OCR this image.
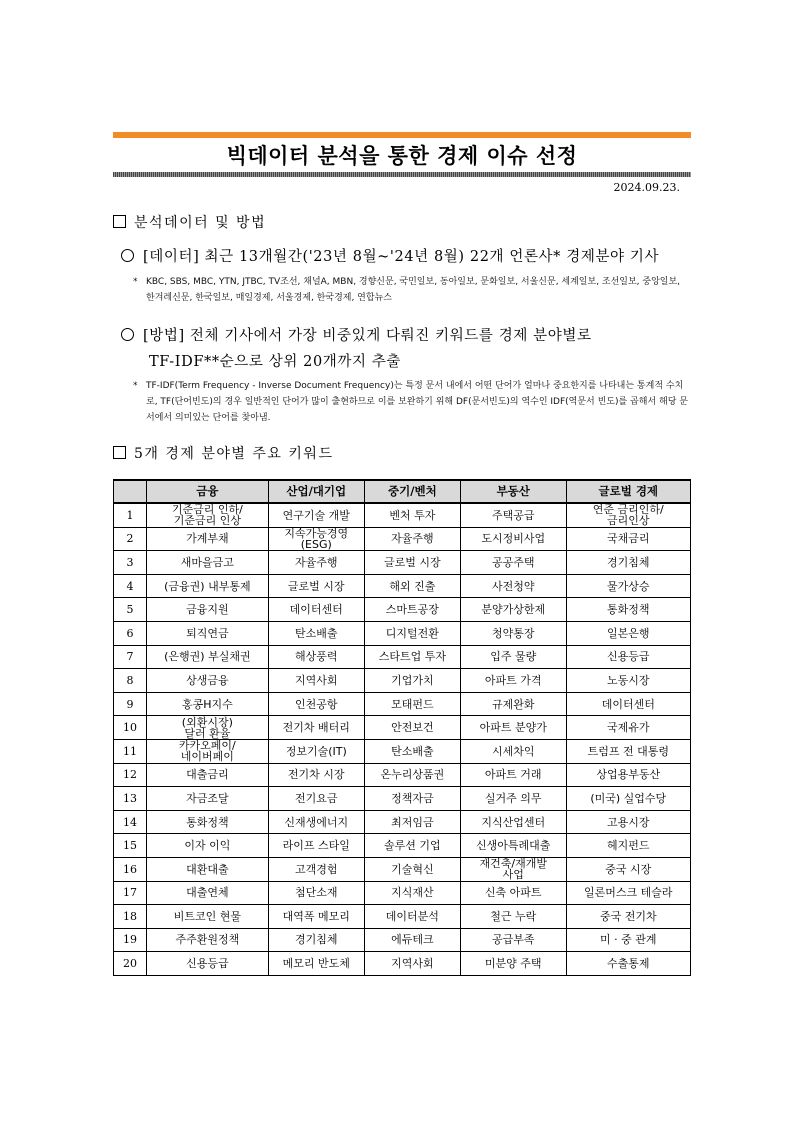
빅데이터 분석을 통한 경제 이슈 선정
2024.09.23.
분석데이터 및 방법
[데이터] 최근 13개월간('23년 8월~'24년 8월) 22개 언론사* 경제분야 기사
* KBC, SBS, MBC, YTN, JTBC, TV조선, 채널A, MBN, 경향신문, 국민일보, 동아일보, 문화일보, 서울신문, 세계일보, 조선일보, 중앙일보, 한겨레신문, 한국일보, 매일경제, 서울경제, 한국경제, 연합뉴스
[방법] 전체 기사에서 가장 비중있게 다뤄진 키워드를 경제 분야별로
TF-IDF**순으로 상위 20개까지 추출
* TF-IDF(Term Frequency - Inverse Document Frequency)는 특정 문서 내에서 어떤 단어가 얼마나 중요한지를 나타내는 통계적 수치로, TF(단어빈도)의 경우 일반적인 단어가 많이 출현하므로 이를 보완하기 위해 DF(문서빈도)의 역수인 IDF(역문서 빈도)를 곱해서 해당 문서에서 의미있는 단어를 찾아냄.
5개 경제 분야별 주요 키워드
	금융	산업/대기업	중기/벤처	부동산	글로벌 경제
1	기준금리 인하/
기준금리 인상	연구기술 개발	벤처 투자	주택공급	연준 금리인하/
금리인상
2	가계부채	지속가능경영
(ESG)	자율주행	도시정비사업	국채금리
3	새마을금고	자율주행	글로벌 시장	공공주택	경기침체
4	(금융권) 내부통제	글로벌 시장	해외 진출	사전청약	물가상승
5	금융지원	데이터센터	스마트공장	분양가상한제	통화정책
6	퇴직연금	탄소배출	디지털전환	청약통장	일본은행
7	(은행권) 부실채권	해상풍력	스타트업 투자	입주 물량	신용등급
8	상생금융	지역사회	기업가치	아파트 가격	노동시장
9	홍콩H지수	인천공항	모태펀드	규제완화	데이터센터
10	(외환시장)
달러 환율	전기차 배터리	안전보건	아파트 분양가	국제유가
11	카카오페이/
네이버페이	정보기술(IT)	탄소배출	시세차익	트럼프 전 대통령
12	대출금리	전기차 시장	온누리상품권	아파트 거래	상업용부동산
13	자금조달	전기요금	정책자금	실거주 의무	(미국) 실업수당
14	통화정책	신재생에너지	최저임금	지식산업센터	고용시장
15	이자 이익	라이프 스타일	솔루션 기업	신생아특례대출	헤지펀드
16	대환대출	고객경험	기술혁신	재건축/재개발
사업	중국 시장
17	대출연체	첨단소재	지식재산	신축 아파트	일론머스크 테슬라
18	비트코인 현물	대역폭 메모리	데이터분석	철근 누락	중국 전기차
19	주주환원정책	경기침체	에듀테크	공급부족	미 · 중 관계
20	신용등급	메모리 반도체	지역사회	미분양 주택	수출통제
